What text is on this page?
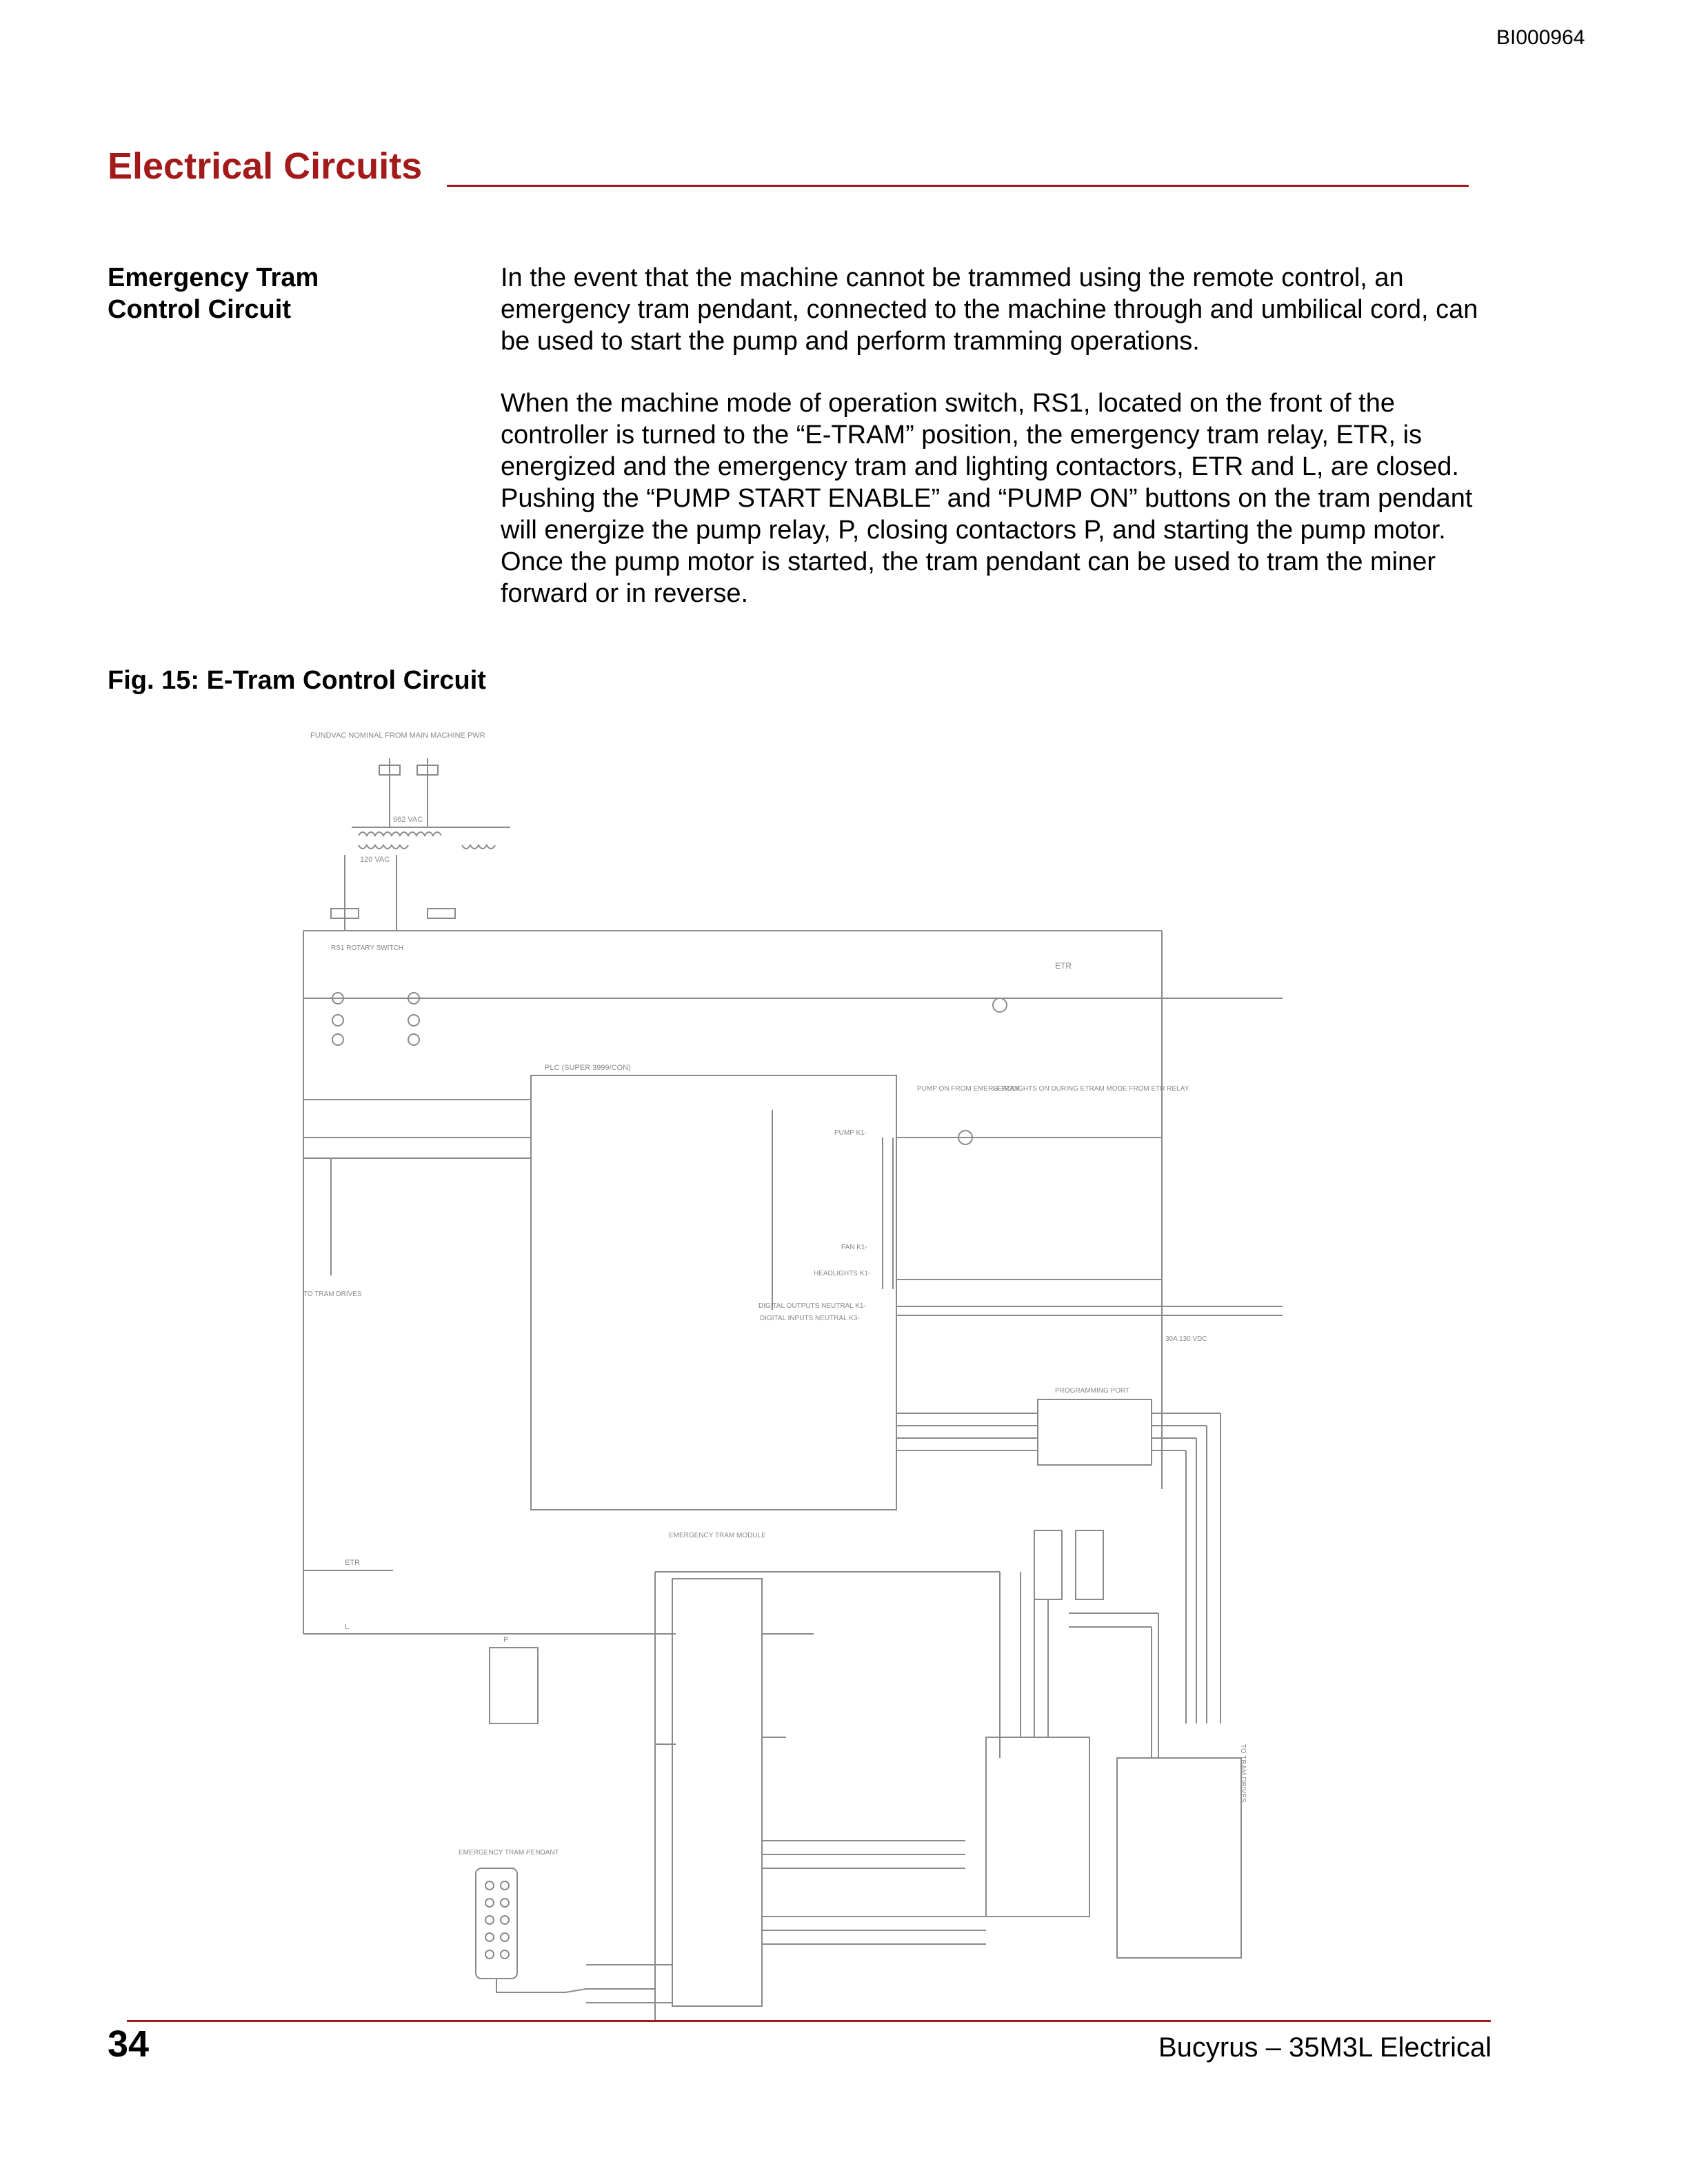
BI000964
Electrical Circuits
Emergency Tram
Control Circuit
In the event that the machine cannot be trammed using the remote control, an emergency tram pendant, connected to the machine through and umbilical cord, can be used to start the pump and perform tramming operations.
When the machine mode of operation switch, RS1, located on the front of the controller is turned to the “E-TRAM” position, the emergency tram relay, ETR, is energized and the emergency tram and lighting contactors, ETR and L, are closed. Pushing the “PUMP START ENABLE” and “PUMP ON” buttons on the tram pendant will energize the pump relay, P, closing contactors P, and starting the pump motor. Once the pump motor is started, the tram pendant can be used to tram the miner forward or in reverse.
Fig. 15: E-Tram Control Circuit
FUNDVAC NOMINAL FROM MAIN MACHINE PWR
962 VAC
120 VAC
RS1 ROTARY SWITCH
ETR
PLC (SUPER 3999/CON)
TO TRAM DRIVES
PUMP K1-
FAN K1-
HEADLIGHTS K1-
DIGITAL OUTPUTS NEUTRAL K1-
DIGITAL INPUTS NEUTRAL K3-
PUMP ON FROM EMERG TRAM
HEADLIGHTS ON DURING ETRAM MODE FROM ETR RELAY
30A 130 VDC
PROGRAMMING PORT
ETR
L
P
EMERGENCY TRAM MODULE
TO TRAM DRIVES
EMERGENCY TRAM PENDANT
34	Bucyrus – 35M3L Electrical
